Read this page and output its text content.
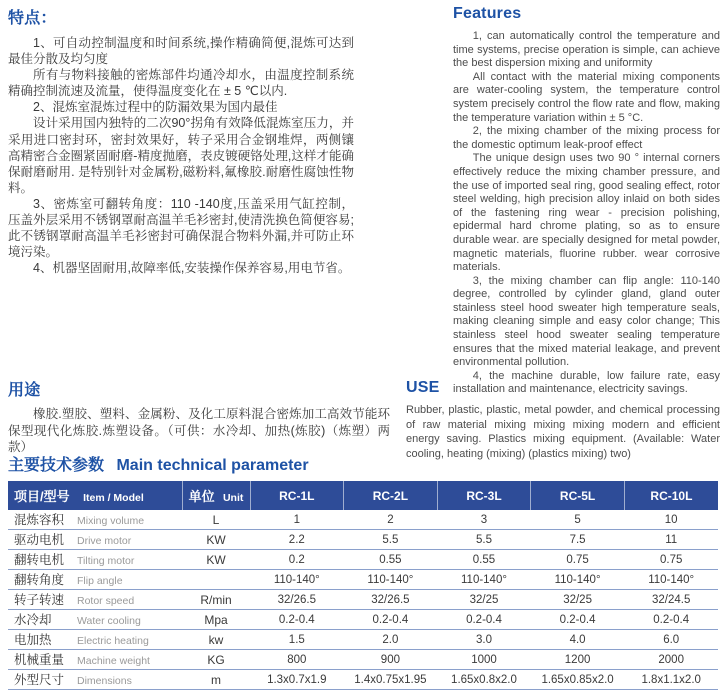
特点：

1、可自动控制温度和时间系统,操作精确简便,混炼可达到最佳分散及均匀度

所有与物料接触的密炼部件均通冷却水，由温度控制系统精确控制流速及流量，使得温度变化在 ± 5 ℃以内.

2、混炼室混炼过程中的防漏效果为国内最佳

设计采用国内独特的二次90°拐角有效降低混炼室压力，并采用进口密封环，密封效果好，转子采用合金钢堆焊，两侧镶高精密合金圈紧固耐磨-精度抛磨，表皮镀硬铬处理,这样才能确保耐磨耐用. 是特别针对金属粉,磁粉料,氟橡胶.耐磨性腐蚀性物料。

3、密炼室可翻转角度：110 -140度,压盖采用气缸控制，压盖外层采用不锈钢罩耐高温羊毛衫密封,使清洗换色简便容易;此不锈钢罩耐高温羊毛衫密封可确保混合物料外漏,并可防止环境污染。

4、机器坚固耐用,故障率低,安装操作保养容易,用电节省。

Features

1, can automatically control the temperature and time systems, precise operation is simple, can achieve the best dispersion mixing and uniformity

All contact with the material mixing components are water-cooling system, the temperature control system precisely control the flow rate and flow, making the temperature variation within ± 5 °C.

2, the mixing chamber of the mixing process for the domestic optimum leak-proof effect

The unique design uses two 90 ° internal corners effectively reduce the mixing chamber pressure, and the use of imported seal ring, good sealing effect, rotor steel welding, high precision alloy inlaid on both sides of the fastening ring wear - precision polishing, epidermal hard chrome plating, so as to ensure durable wear. are specially designed for metal powder, magnetic materials, fluorine rubber. wear corrosive materials.

3, the mixing chamber can flip angle: 110-140 degree, controlled by cylinder gland, gland outer stainless steel hood sweater high temperature seals, making cleaning simple and easy color change; This stainless steel hood sweater sealing temperature ensures that the mixed material leakage, and prevent environmental pollution.

4, the machine durable, low failure rate, easy installation and maintenance, electricity savings.

用途

橡胶.塑胶、塑料、金属粉、及化工原料混合密炼加工高效节能环保型现代化炼胶.炼塑设备。（可供：水冷却、加热(炼胶)（炼塑）两款）

USE

Rubber, plastic, plastic, metal powder, and chemical processing of raw material mixing mixing mixing modern and efficient energy saving. Plastics mixing equipment. (Available: Water cooling, heating (mixing) (plastics mixing) two)

主要技术参数 Main technical parameter
项目/型号 Item / Model	单位 Unit	RC-1L	RC-2L	RC-3L	RC-5L	RC-10L
混炼容积 Mixing volume	L	1	2	3	5	10
驱动电机 Drive motor	KW	2.2	5.5	5.5	7.5	11
翻转电机 Tilting motor	KW	0.2	0.55	0.55	0.75	0.75
翻转角度 Flip angle		110-140°	110-140°	110-140°	110-140°	110-140°
转子转速 Rotor speed	R/min	32/26.5	32/26.5	32/25	32/25	32/24.5
水冷却 Water cooling	Mpa	0.2-0.4	0.2-0.4	0.2-0.4	0.2-0.4	0.2-0.4
电加热 Electric heating	kw	1.5	2.0	3.0	4.0	6.0
机械重量 Machine weight	KG	800	900	1000	1200	2000
外型尺寸 Dimensions	m	1.3x0.7x1.9	1.4x0.75x1.95	1.65x0.8x2.0	1.65x0.85x2.0	1.8x1.1x2.0
